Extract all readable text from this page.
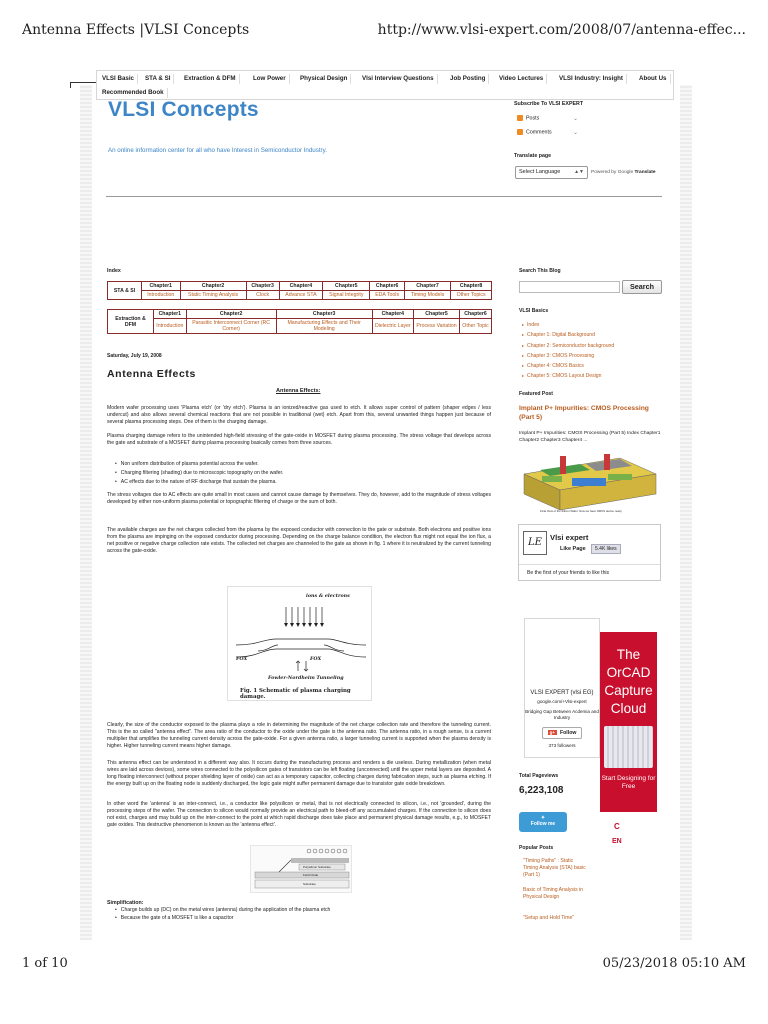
Antenna Effects |VLSI Concepts	http://www.vlsi-expert.com/2008/07/antenna-effec...
VLSI Basic	STA & SI	Extraction & DFM	Low Power	Physical Design	Vlsi Interview Questions	Job Posting	Video Lectures	VLSI Industry: Insight	About Us
Recommended Book
VLSI Concepts
An online information center for all who have Interest in Semiconductor Industry.
Subscribe To VLSI EXPERT
Posts	⌄
Comments	⌄
Translate page
Select Language	▲▼ Powered by Google Translate
Index
STA & SI	Chapter1	Chapter2	Chapter3	Chapter4	Chapter5	Chapter6	Chapter7	Chapter8
	Introduction	Static Timing Analysis	Clock	Advance STA	Signal Integrity	EDA Tools	Timing Models	Other Topics
Extraction & DFM	Chapter1	Chapter2	Chapter3	Chapter4	Chapter5	Chapter6
	Introduction	Parasitic Interconnect Corner (RC Corner)	Manufacturing Effects and Their Modeling	Dielectric Layer	Process Variation	Other Topic
Saturday, July 19, 2008
Antenna Effects
Antenna Effects:
Modern wafer processing uses 'Plasma etch' (or 'dry etch'). Plasma is an ionized/reactive gas used to etch. It allows super control of pattern (shaper edges / less undercut) and also allows several chemical reactions that are not possible in traditional (wet) etch. Apart from this, several unwanted things happen just because of several plasma processing steps. One of them is the charging damage.
Plasma charging damage refers to the unintended high-field stressing of the gate-oxide in MOSFET during plasma processing. The stress voltage that develops across the gate and substrate of a MOSFET during plasma processing basically comes from three sources.
• Non uniform distribution of plasma potential across the wafer.
• Charging filtering (shading) due to microscopic topography on the wafer.
• AC effects due to the nature of RF discharge that sustain the plasma.
The stress voltages due to AC effects are quite small in most cases and cannot cause damage by themselves. They do, however, add to the magnitude of stress voltages developed by either non-uniform plasma potential or topographic filtering of charge or the sum of both.
The available charges are the net charges collected from the plasma by the exposed conductor with connection to the gate or substrate. Both electrons and positive ions from the plasma are impinging on the exposed conductor during processing. Depending on the charge balance condition, the electron flux might not equal the ion flux, a net positive or negative charge collection rate exists. The collected net charges are channeled to the gate as shown in fig. 1 where it is neutralized by the current tunneling across the gate-oxide.
ions & electrons
FOX	FOX
Fowler-Nordheim Tunneling
Fig. 1 Schematic of plasma charging damage.
Clearly, the size of the conductor exposed to the plasma plays a role in determining the magnitude of the net charge collection rate and therefore the tunneling current. This is the so called "antenna effect". The area ratio of the conductor to the oxide under the gate is the antenna ratio. The antenna ratio, in a rough sense, is a current multiplier that amplifies the tunneling current density across the gate-oxide. For a given antenna ratio, a larger tunneling current is supported when the plasma density is higher. Higher tunneling current means higher damage.
This antenna effect can be understood in a different way also. It occurs during the manufacturing process and renders a die useless. During metallization (when metal wires are laid across devices), some wires connected to the polysilicon gates of transistors can be left floating (unconnected) until the upper metal layers are deposited. A long floating interconnect (without proper shielding layer of oxide) can act as a temporary capacitor, collecting charges during fabrication steps, such as plasma etching. If the energy built up on the floating node is suddenly discharged, the logic gate might suffer permanent damage due to transistor gate oxide breakdown.
In other word the 'antenna' is an inter-connect, i.e., a conductor like polysilicon or metal, that is not electrically connected to silicon, i.e., not 'grounded', during the processing steps of the wafer. The connection to silicon would normally provide an electrical path to bleed-off any accumulated charges. If the connection to silicon does not exist, charges and may build up on the inter-connect to the point at which rapid discharge does take place and permanent physical damage results, e.g., to MOSFET gate oxides. This destructive phenomenon is known as the 'antenna effect'.
Polysilicon Substrate
Field Oxide
Substrate
Simplification:
• Charge builds up (DC) on the metal wires (antenna) during the application of the plasma etch
• Because the gate of a MOSFET is like a capacitor
Search This Blog
Search
VLSI Basics
▸ Index
▸ Chapter 1: Digital Background
▸ Chapter 2: Semiconductor background
▸ Chapter 3: CMOS Processing
▸ Chapter 4: CMOS Basics
▸ Chapter 5: CMOS Layout Design
Featured Post
Implant P+ Impurities: CMOS Processing (Part 5)
Implant P+ Impurities: CMOS Processing (Part 5) Index Chapter1 Chapter2 Chapter3 Chapter4 ...
Final View of the Silicon Wafer. Now we have NMOS device ready
LE	Vlsi expert
Like Page	5.4K likes
Be the first of your friends to like this
VLSI EXPERT (vlsi EG)
google.com/+Vlsi-expert
Bridging Gap Between Acdemia and Industry
g+ Follow
373 followers
The
OrCAD
Capture
Cloud
Start Designing for Free
C
EN
Total Pageviews
6,223,108
✦
Follow me
Popular Posts
"Timing Paths" : Static Timing Analysis (STA) basic (Part 1)
Basic of Timing Analysis in Physical Design
"Setup and Hold Time"
1 of 10	05/23/2018 05:10 AM
